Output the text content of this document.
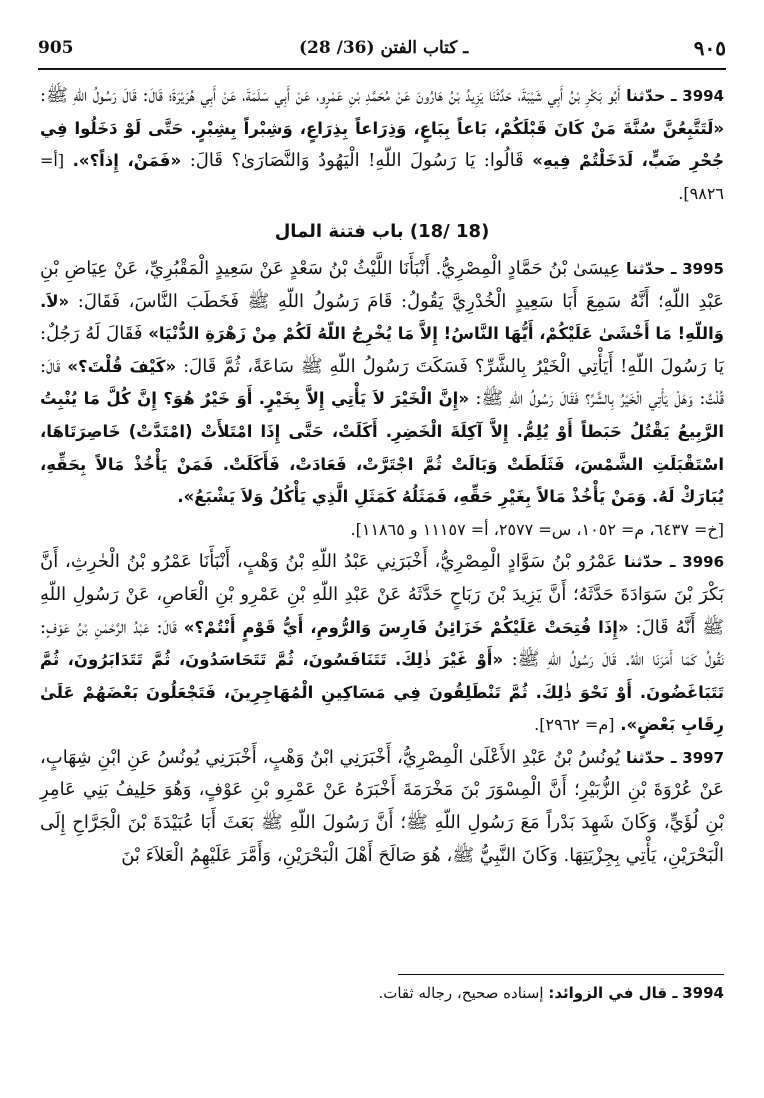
905	(28 /36) ـ كتاب الفتن	٩٠٥

3994 ـ حدّثنا أَبُو بَكْرِ بْنُ أَبِي شَيْبَةَ، حَدَّثَنَا يَزِيدُ بْنُ هَارُونَ عَنْ مُحَمَّدِ بْنِ عَمْرٍو، عَنْ أَبِي سَلَمَةَ، عَنْ أَبِي هُرَيْرَةَ؛ قَالَ: قَالَ رَسُولُ اللّهِ ﷺ: «لَتَتَّبِعُنَّ سُنَّةَ مَنْ كَانَ قَبْلَكُمْ، بَاعاً بِبَاعٍ، وَذِرَاعاً بِذِرَاعٍ، وَشِبْراً بِشِبْرٍ. حَتَّى لَوْ دَخَلُوا فِي جُحْرِ ضَبٍّ، لَدَخَلْتُمْ فِيهِ» قَالُوا: يَا رَسُولَ اللّهِ! الْيَهُودُ وَالنَّصَارَىٰ؟ قَالَ: «فَمَنْ، إِذاً؟». [أ= ٩٨٢٦].

(18 /18) باب فتنة المال

3995 ـ حدّثنا عِيسَىٰ بْنُ حَمَّادٍ الْمِصْرِيُّ. أَنْبَأَنَا اللَّيْثُ بْنُ سَعْدٍ عَنْ سَعِيدٍ الْمَقْبُرِيِّ، عَنْ عِيَاضِ بْنِ عَبْدِ اللّهِ؛ أَنَّهُ سَمِعَ أَبَا سَعِيدٍ الْخُدْرِيَّ يَقُولُ: قَامَ رَسُولُ اللّهِ ﷺ فَخَطَبَ النَّاسَ، فَقَالَ: «لاَ. وَاللّهِ! مَا أَخْشَىٰ عَلَيْكُمْ، أَيُّهَا النَّاسُ! إِلاَّ مَا يُخْرِجُ اللّهُ لَكُمْ مِنْ زَهْرَةِ الدُّنْيَا» فَقَالَ لَهُ رَجُلٌ: يَا رَسُولَ اللّهِ! أَيَأْتِي الْخَيْرُ بِالشَّرِّ؟ فَسَكَتَ رَسُولُ اللّهِ ﷺ سَاعَةً، ثُمَّ قَالَ: «كَيْفَ قُلْتَ؟» قَالَ: قُلْتُ: وَهَلْ يَأْتِي الْخَيْرُ بِالشَّرِّ؟ فَقَالَ رَسُولُ اللّهِ ﷺ: «إِنَّ الْخَيْرَ لاَ يَأْتِي إِلاَّ بِخَيْرٍ. أَوَ خَيْرٌ هُوَ؟ إِنَّ كُلَّ مَا يُنْبِتُ الرَّبِيعُ يَقْتُلُ حَبَطاً أَوْ يُلِمُّ. إِلاَّ آكِلَةَ الْخَضِرِ. أَكَلَتْ، حَتَّى إِذَا امْتَلأَتْ (امْتَدَّتْ) خَاصِرَتَاهَا، اسْتَقْبَلَتِ الشَّمْسَ، فَثَلَطَتْ وَبَالَتْ ثُمَّ اجْتَرَّتْ، فَعَادَتْ، فَأَكَلَتْ. فَمَنْ يَأْخُذْ مَالاً بِحَقِّهِ، يُبَارَكْ لَهُ. وَمَنْ يَأْخُذْ مَالاً بِغَيْرِ حَقِّهِ، فَمَثَلُهُ كَمَثَلِ الَّذِي يَأْكُلُ وَلاَ يَشْبَعُ».
[خ= ٦٤٣٧، م= ١٠٥٢، س= ٢٥٧٧، أ= ١١١٥٧ و ١١٨٦٥].

3996 ـ حدّثنا عَمْرُو بْنُ سَوَّادٍ الْمِصْرِيُّ، أَخْبَرَنِي عَبْدُ اللّهِ بْنُ وَهْبٍ، أَنْبَأَنَا عَمْرُو بْنُ الْحٰرِثِ، أَنَّ بَكْرَ بْنَ سَوَادَةَ حَدَّثَهُ؛ أَنَّ يَزِيدَ بْنَ رَبَاحٍ حَدَّثَهُ عَنْ عَبْدِ اللّهِ بْنِ عَمْرِو بْنِ الْعَاصِ، عَنْ رَسُولِ اللّهِ ﷺ أَنَّهُ قَالَ: «إِذَا فُتِحَتْ عَلَيْكُمْ خَزَائِنُ فَارِسَ وَالرُّومِ، أَيُّ قَوْمٍ أَنْتُمْ؟» قَالَ: عَبْدُ الرَّحْمٰنِ بْنُ عَوْفٍ: نَقُولُ كَمَا أَمَرَنَا اللّهُ. قَالَ رَسُولُ اللّهِ ﷺ: «أَوْ غَيْرَ ذٰلِكَ. تَتَنَافَسُونَ، ثُمَّ تَتَحَاسَدُونَ، ثُمَّ تَتَدَابَرُونَ، ثُمَّ تَتَبَاغَضُونَ. أَوْ نَحْوَ ذٰلِكَ. ثُمَّ تَنْطَلِقُونَ فِي مَسَاكِينِ الْمُهَاجِرِينَ، فَتَجْعَلُونَ بَعْضَهُمْ عَلَىٰ رِقَابِ بَعْضٍ». [م= ٢٩٦٢].

3997 ـ حدّثنا يُونُسُ بْنُ عَبْدِ الأَعْلَىٰ الْمِصْرِيُّ، أَخْبَرَنِي ابْنُ وَهْبٍ، أَخْبَرَنِي يُونُسُ عَنِ ابْنِ شِهَابٍ، عَنْ عُرْوَةَ بْنِ الزُّبَيْرِ؛ أَنَّ الْمِسْوَرَ بْنَ مَخْرَمَةَ أَخْبَرَهُ عَنْ عَمْرِو بْنِ عَوْفٍ، وَهُوَ حَلِيفُ بَنِي عَامِرِ بْنِ لُؤَيٍّ، وَكَانَ شَهِدَ بَدْراً مَعَ رَسُولِ اللّهِ ﷺ؛ أَنَّ رَسُولَ اللّهِ ﷺ بَعَثَ أَبَا عُبَيْدَةَ بْنَ الْجَرَّاحِ إِلَى الْبَحْرَيْنِ، يَأْتِي بِجِزْيَتِهَا. وَكَانَ النَّبِيُّ ﷺ، هُوَ صَالَحَ أَهْلَ الْبَحْرَيْنِ، وَأَمَّرَ عَلَيْهِمُ الْعَلاَءَ بْنَ

3994 ـ قال في الزوائد: إسناده صحيح، رجاله ثقات.
